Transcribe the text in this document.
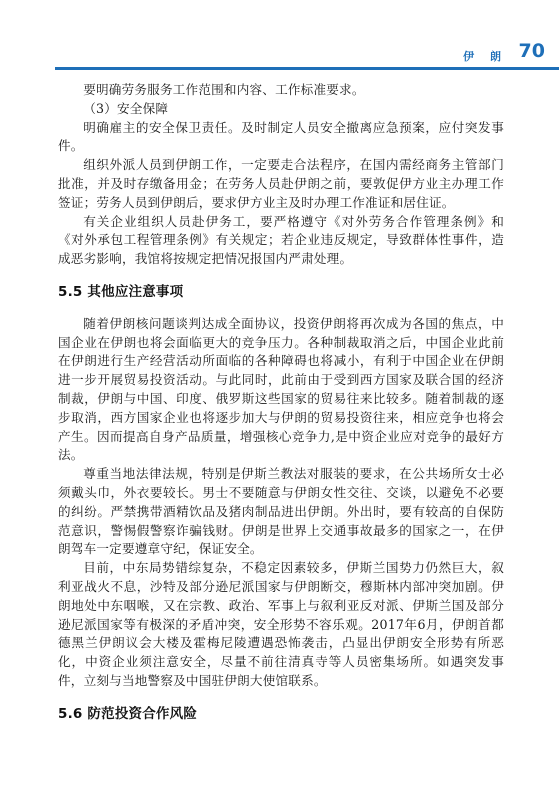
伊 朗 70

要明确劳务服务工作范围和内容、工作标准要求。

（3）安全保障

明确雇主的安全保卫责任。及时制定人员安全撤离应急预案，应付突发事件。

组织外派人员到伊朗工作，一定要走合法程序，在国内需经商务主管部门批准，并及时存缴备用金；在劳务人员赴伊朗之前，要敦促伊方业主办理工作签证；劳务人员到伊朗后，要求伊方业主及时办理工作准证和居住证。

有关企业组织人员赴伊务工，要严格遵守《对外劳务合作管理条例》和《对外承包工程管理条例》有关规定；若企业违反规定，导致群体性事件，造成恶劣影响，我馆将按规定把情况报国内严肃处理。

5.5 其他应注意事项

随着伊朗核问题谈判达成全面协议，投资伊朗将再次成为各国的焦点，中国企业在伊朗也将会面临更大的竞争压力。各种制裁取消之后，中国企业此前在伊朗进行生产经营活动所面临的各种障碍也将减小，有利于中国企业在伊朗进一步开展贸易投资活动。与此同时，此前由于受到西方国家及联合国的经济制裁，伊朗与中国、印度、俄罗斯这些国家的贸易往来比较多。随着制裁的逐步取消，西方国家企业也将逐步加大与伊朗的贸易投资往来，相应竞争也将会产生。因而提高自身产品质量，增强核心竞争力,是中资企业应对竞争的最好方法。

尊重当地法律法规，特别是伊斯兰教法对服装的要求，在公共场所女士必须戴头巾，外衣要较长。男士不要随意与伊朗女性交往、交谈，以避免不必要的纠纷。严禁携带酒精饮品及猪肉制品进出伊朗。外出时，要有较高的自保防范意识，警惕假警察诈骗钱财。伊朗是世界上交通事故最多的国家之一，在伊朗驾车一定要遵章守纪，保证安全。

目前，中东局势错综复杂，不稳定因素较多，伊斯兰国势力仍然巨大，叙利亚战火不息，沙特及部分逊尼派国家与伊朗断交，穆斯林内部冲突加剧。伊朗地处中东咽喉，又在宗教、政治、军事上与叙利亚反对派、伊斯兰国及部分逊尼派国家等有极深的矛盾冲突，安全形势不容乐观。2017年6月，伊朗首都德黑兰伊朗议会大楼及霍梅尼陵遭遇恐怖袭击，凸显出伊朗安全形势有所恶化，中资企业须注意安全，尽量不前往清真寺等人员密集场所。如遇突发事件，立刻与当地警察及中国驻伊朗大使馆联系。

5.6 防范投资合作风险
